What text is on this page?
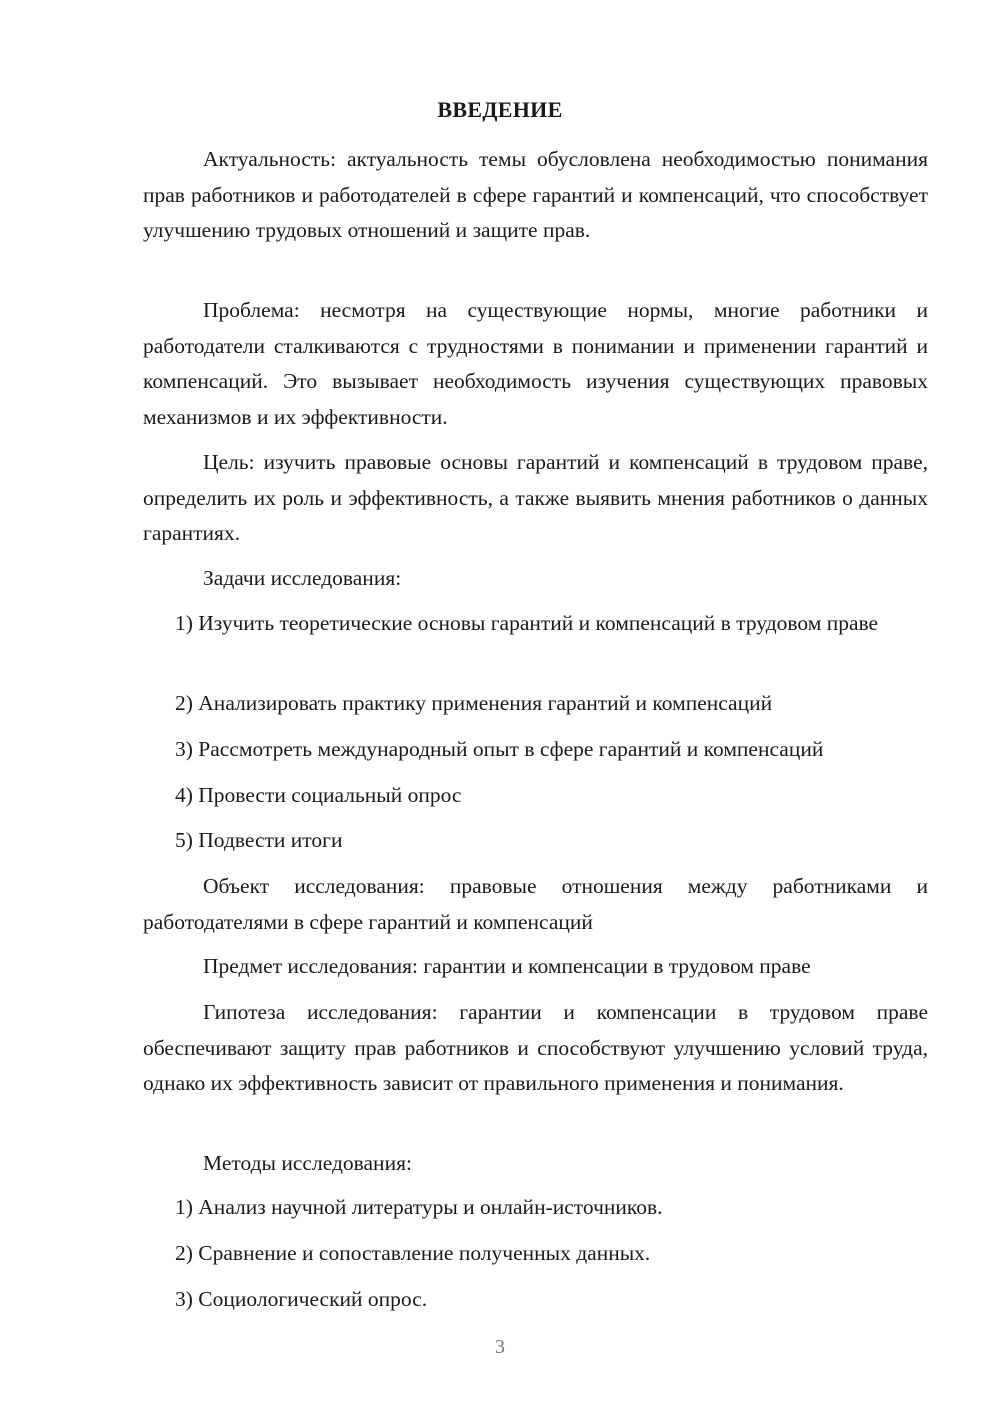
ВВЕДЕНИЕ

Актуальность: актуальность темы обусловлена необходимостью понимания прав работников и работодателей в сфере гарантий и компенсаций, что способствует улучшению трудовых отношений и защите прав.

Проблема: несмотря на существующие нормы, многие работники и работодатели сталкиваются с трудностями в понимании и применении гарантий и компенсаций. Это вызывает необходимость изучения существующих правовых механизмов и их эффективности.

Цель: изучить правовые основы гарантий и компенсаций в трудовом праве, определить их роль и эффективность, а также выявить мнения работников о данных гарантиях.

Задачи исследования:

1) Изучить теоретические основы гарантий и компенсаций в трудовом праве

2) Анализировать практику применения гарантий и компенсаций

3) Рассмотреть международный опыт в сфере гарантий и компенсаций

4) Провести социальный опрос

5) Подвести итоги

Объект исследования: правовые отношения между работниками и работодателями в сфере гарантий и компенсаций

Предмет исследования: гарантии и компенсации в трудовом праве

Гипотеза исследования: гарантии и компенсации в трудовом праве обеспечивают защиту прав работников и способствуют улучшению условий труда, однако их эффективность зависит от правильного применения и понимания.

Методы исследования:

1) Анализ научной литературы и онлайн-источников.

2) Сравнение и сопоставление полученных данных.

3) Социологический опрос.

3
